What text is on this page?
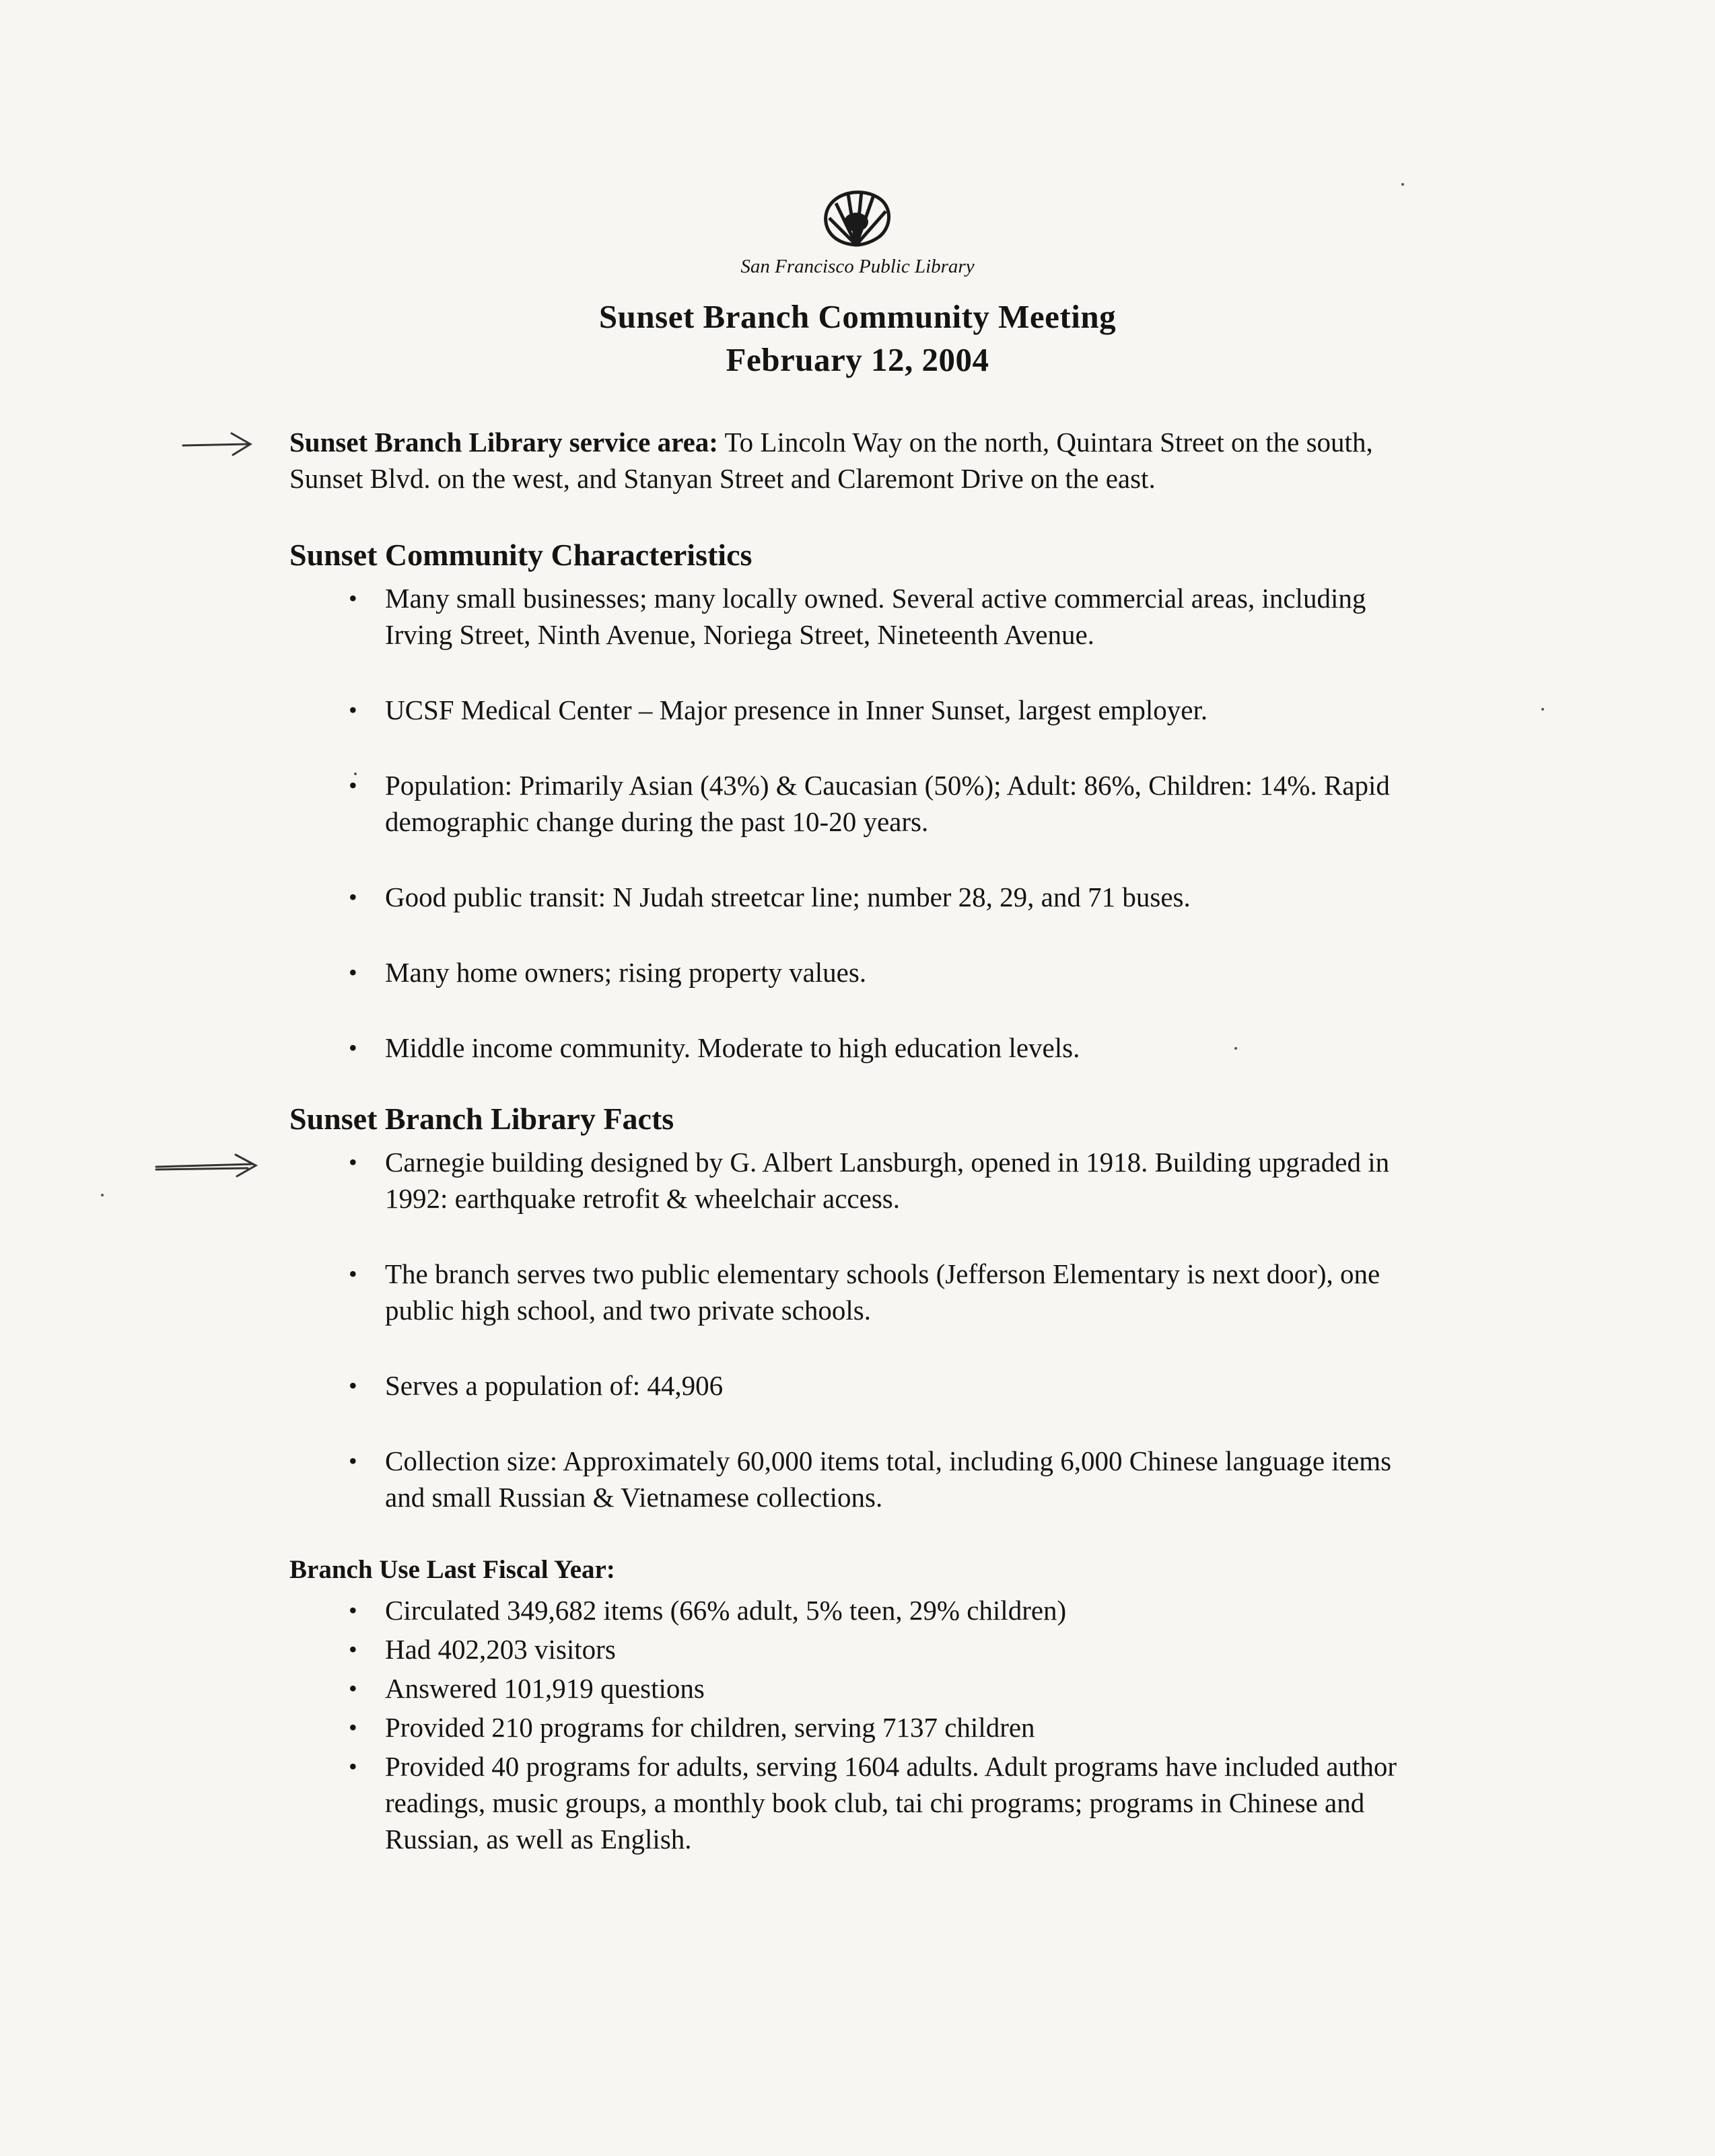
San Francisco Public Library
Sunset Branch Community Meeting
February 12, 2004
Sunset Branch Library service area: To Lincoln Way on the north, Quintara Street on the south, Sunset Blvd. on the west, and Stanyan Street and Claremont Drive on the east.
Sunset Community Characteristics
• Many small businesses; many locally owned. Several active commercial areas, including Irving Street, Ninth Avenue, Noriega Street, Nineteenth Avenue.
• UCSF Medical Center – Major presence in Inner Sunset, largest employer.
• Population: Primarily Asian (43%) & Caucasian (50%); Adult: 86%, Children: 14%. Rapid demographic change during the past 10-20 years.
• Good public transit: N Judah streetcar line; number 28, 29, and 71 buses.
• Many home owners; rising property values.
• Middle income community. Moderate to high education levels.
Sunset Branch Library Facts
• Carnegie building designed by G. Albert Lansburgh, opened in 1918. Building upgraded in 1992: earthquake retrofit & wheelchair access.
• The branch serves two public elementary schools (Jefferson Elementary is next door), one public high school, and two private schools.
• Serves a population of: 44,906
• Collection size: Approximately 60,000 items total, including 6,000 Chinese language items and small Russian & Vietnamese collections.
Branch Use Last Fiscal Year:
• Circulated 349,682 items (66% adult, 5% teen, 29% children)
• Had 402,203 visitors
• Answered 101,919 questions
• Provided 210 programs for children, serving 7137 children
• Provided 40 programs for adults, serving 1604 adults. Adult programs have included author readings, music groups, a monthly book club, tai chi programs; programs in Chinese and Russian, as well as English.
